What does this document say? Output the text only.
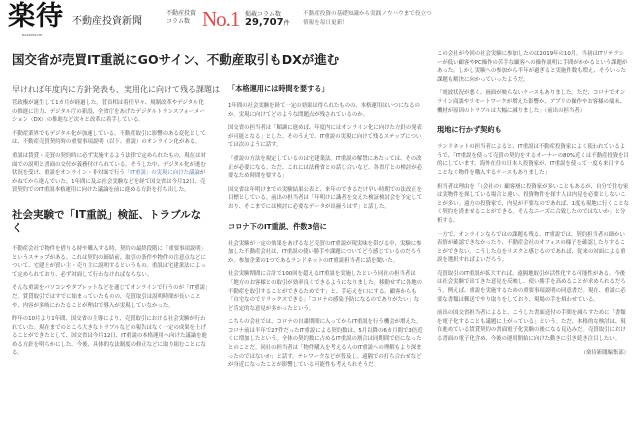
楽待
RAKUMACHI
不動産投資新聞
不動産投資
コラム数 No.1 掲載コラム数
29,707件
不動産投資の基礎知識から実践ノウハウまで役立つ情報を毎日更新！
国交省が売買IT重説にGOサイン、不動産取引もDXが進む
早ければ年度内に方針発表も、実用化に向けて残る課題は

菅政権が誕生して1カ月が経過した。菅首相は着任早々、規制改革やデジタル化の推進に注力、デジタル庁の新設、全省庁をあげたデジタルトランスフォーメーション（DX）の推進など次々と改革に着手している。

不動産業界でもデジタル化が加速している。不動産取引に影響のある変化としては、不動産売買契約時の重要事項説明（以下、重説）のオンライン化がある。

重説は賃貸・売買の契約時に必ず実施するよう法律で定められたもの。現在は対面での説明と書面の交付が義務付けられている。そうした中、デジタル化が進む状況を受け、重説をオンライン・非対面で行う「IT重説」の実現に向けた議論がかねてから進んでいた。1年間に及ぶ社会実験などを経て国交省は今月12日、売買契約でのIT重説本格運用に向けた議論を前に進める方針を打ち出した。

社会実験で「IT重説」検証、トラブルなく

不動産会社で物件を借りる時や購入する時、契約の最終段階に「重要事項説明」というステップがある。これは契約の締結前、取引の条件や物件の注意点などについて、宅建士が買い主・売り主に説明するというもの。重説は宅建業法によって定められており、必ず対面して行わなければならない。

そんな重説をパソコンやタブレットなどを通じてオンラインで行うのが「IT重説」だ。賃貸取引ではすでに始まっていたものの、売買取引は説明時間が長いことや、内容が多岐にわたることが理由で導入が実現していなかった。

昨年の10月より1年間、国交省の主導により、売買取引における社会実験が行われていた。現在までのところ大きなトラブルなどの報告はなく一定の成果を上げることができたとして、国交省は今月12日、IT重説の本格運用へ向けた議論を進める方針を明らかにした。今後、具体的な法制度の修正などに取り組むことになる。

「本格運用には時間を要する」

1年間の社会実験を経て一定の効果は得られたものの、本格運用はいつになるのか。実現に向けてどのような問題点が残されているのか。

国交省の担当者は「順調に進めば、年度内にはオンライン化に向けた方針の発表が可能となる」とした。そのうえで、IT重説の実現に向けて残るステップについては次のように話す。

「重説の方法を規定しているのは宅建業法。IT重説の解禁にあたっては、その改正が必要になる。ただ、これには法務省との話し合いなど、各省庁との検討が必要なため時間を要する」

国交省は年明けまでの実験結果公表と、来年のできるだけ早い時期での法改正を目標としている。前出の担当者は「年明けに識者を交えた検証検討会を予定しており、そこまでには検討に必要なデータが出揃うはず」と話した。

コロナ下のIT重説、件数3倍に

社会実験が一定の効果をあげるなど売買のIT重説が現実味を帯びる中、実験に参加した不動産会社は、IT重説の使い勝手や課題についてどう感じているのだろうか。参加企業の1つであるランドネットのIT重説担当者に話を聞いた。

社会実験期間に合計で100回を超えるIT重説を実施したという同社の担当者は「地方のお客様との取引が効率良くできるようになりました。移動せずに各地の不動産を取引することができるためです」と、手応えを口にする。顧客からも「自宅なのでリラックスできる」「コロナの感染予防になるのでありがたい」など肯定的な意見が多かったという。

こちらの会社では、コロナの自粛期間に入ってからIT重説を行う機会が増えた。コロナ前は半年で27件だったIT重説による契約数は、5月以降の6カ月間で3倍近くに増加したという。全体の契約数に占めるIT重説の割合は同期間で倍になったとのことだ。同社の担当者は「物件購入を考える人のIT重説への理解もより深まったのではないか」と話す。テレワークなどが普及し、遠隔での打ち合わせなどが身近になったことが影響している可能性も考えられそうだ。

この会社が今回の社会実験に参加したのは2019年の10月。当初はITリテラシーが低い顧客やPC操作の苦手な顧客への操作説明に手間がかかるという課題があった。しかし実験への参加から半年が過ぎると実施件数も増え、そういった課題も解決に向かっていったようだ。

「電波状況が悪く、画面が映らないケースもありました。ただ、コロナでオンライン商談やリモートワークが増えた影響か、アプリの操作やお客様の端末、機材が原因のトラブルは大幅に減りました」（前出の担当者）

現地に行かず契約も

ランドネットの担当者によると、IT重説は不動産投資家によく使われているようで、「IT重説を使って売買の契約をするオーナーの80%近くは不動産投資を目的にしています。海外在住の日本人投資家が、IT重説を使って一度も来日することなく物件を購入するケースもありました」

担当者は理由を「（会社の）顧客層に投資家が多いこともあるが、自分で住む家は実物件を探している場合と違い、投資物件を探す人は内見を必要としないことが多い。遠方の投資家で、内見が不要なのであれば、1度も現地に行くことなく契約を済ませることができる。そんなニーズに合致したのではないか」と分析する。

一方で、オンラインならではの課題も残る。IT重説では、契約担当者の細かい表情が確認できなかったり、不動産会社のオフィスの様子を確認したりすることができない。こうした点をリスクと感じるのであれば、従来の対面による重説を選択すればよいだろう。

売買取引のIT重説が拡大すれば、遠隔地取引が活性化する可能性がある。今後は社会実験で出てきた意見を反映し、使い勝手を高めることが求められるだろう。例えば、重説を実施するための重要事項説明の同意書だ。現在、重説に必要な書類は郵送でやり取りをしており、現場の手を煩わせている。

前出の国交省担当者によると、こうした書面送付の手間を減らすために「書類を電子化することも議題に上がっている」という。ただ、本格的な検討は、現在進めている賃貸契約の書面電子化実験の後になる見込みだ。売買取引における書面の電子化含め、今後の運用開始に向けた動きに引き続き注目したい。

（楽待新聞編集部）
